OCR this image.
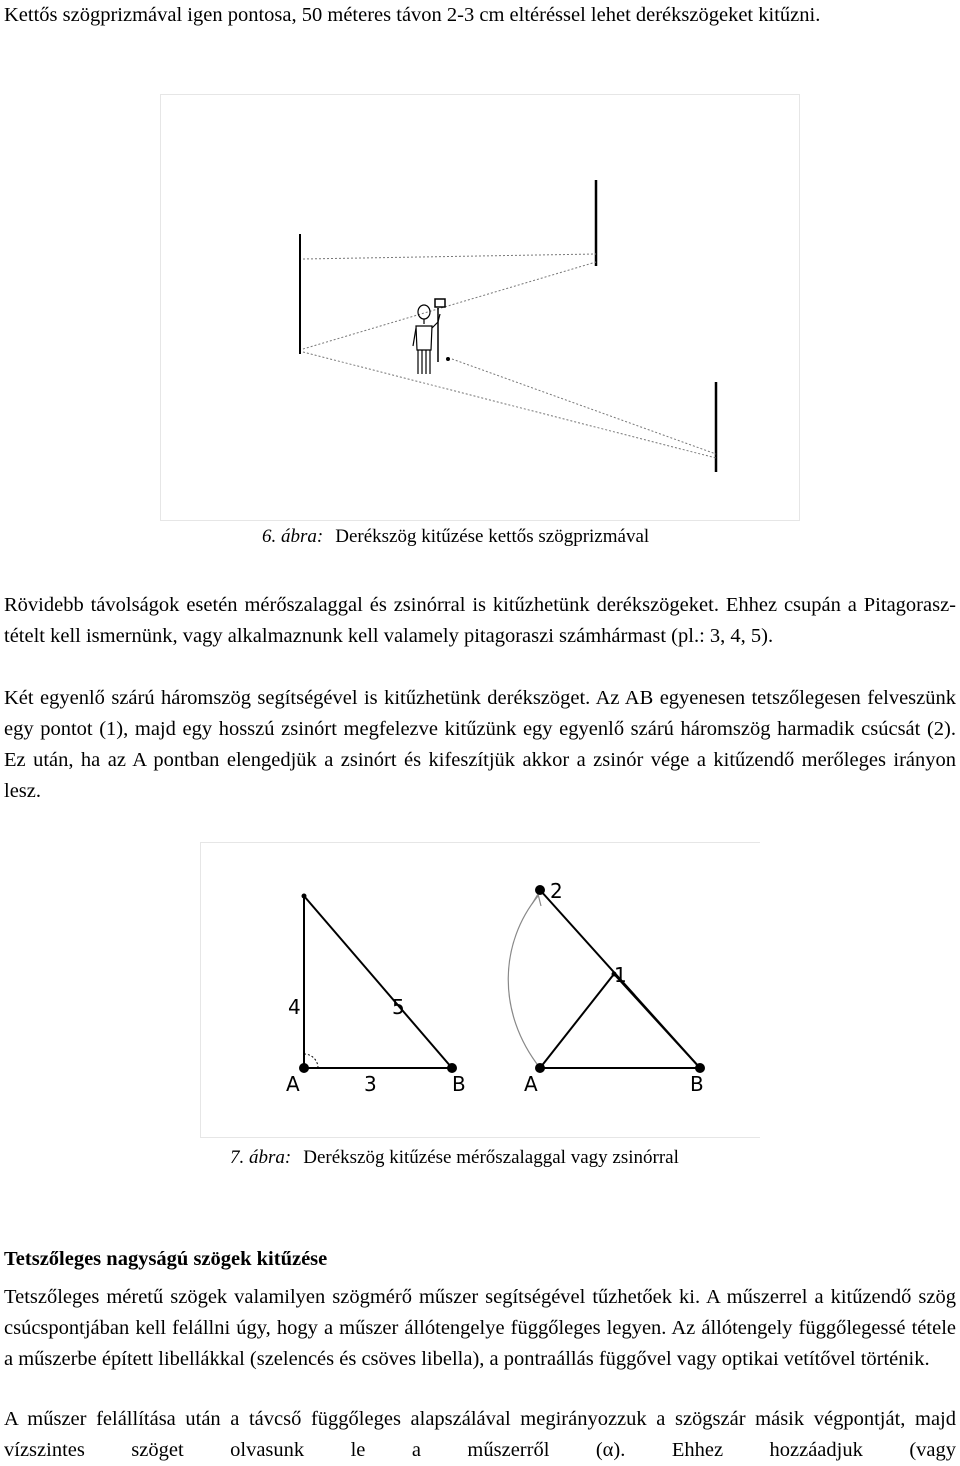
Kettős szögprizmával igen pontosa, 50 méteres távon 2-3 cm eltéréssel lehet derékszögeket kitűzni.

6. ábra: Derékszög kitűzése kettős szögprizmával

Rövidebb távolságok esetén mérőszalaggal és zsinórral is kitűzhetünk derékszögeket. Ehhez csupán a Pitagorasz-tételt kell ismernünk, vagy alkalmaznunk kell valamely pitagoraszi számhármast (pl.: 3, 4, 5).

Két egyenlő szárú háromszög segítségével is kitűzhetünk derékszöget. Az AB egyenesen tetszőlegesen felveszünk egy pontot (1), majd egy hosszú zsinórt megfelezve kitűzünk egy egyenlő szárú háromszög harmadik csúcsát (2). Ez után, ha az A pontban elengedjük a zsinórt és kifeszítjük akkor a zsinór vége a kitűzendő merőleges irányon lesz.

4	5
3
A	B
2
1
A	B
7. ábra: Derékszög kitűzése mérőszalaggal vagy zsinórral
Tetszőleges nagyságú szögek kitűzése

Tetszőleges méretű szögek valamilyen szögmérő műszer segítségével tűzhetőek ki. A műszerrel a kitűzendő szög csúcspontjában kell felállni úgy, hogy a műszer állótengelye függőleges legyen. Az állótengely függőlegessé tétele a műszerbe épített libellákkal (szelencés és csöves libella), a pontraállás függővel vagy optikai vetítővel történik.

A műszer felállítása után a távcső függőleges alapszálával megirányozzuk a szögszár másik végpontját, majd vízszintes szöget olvasunk le a műszerről (α). Ehhez hozzáadjuk (vagy
